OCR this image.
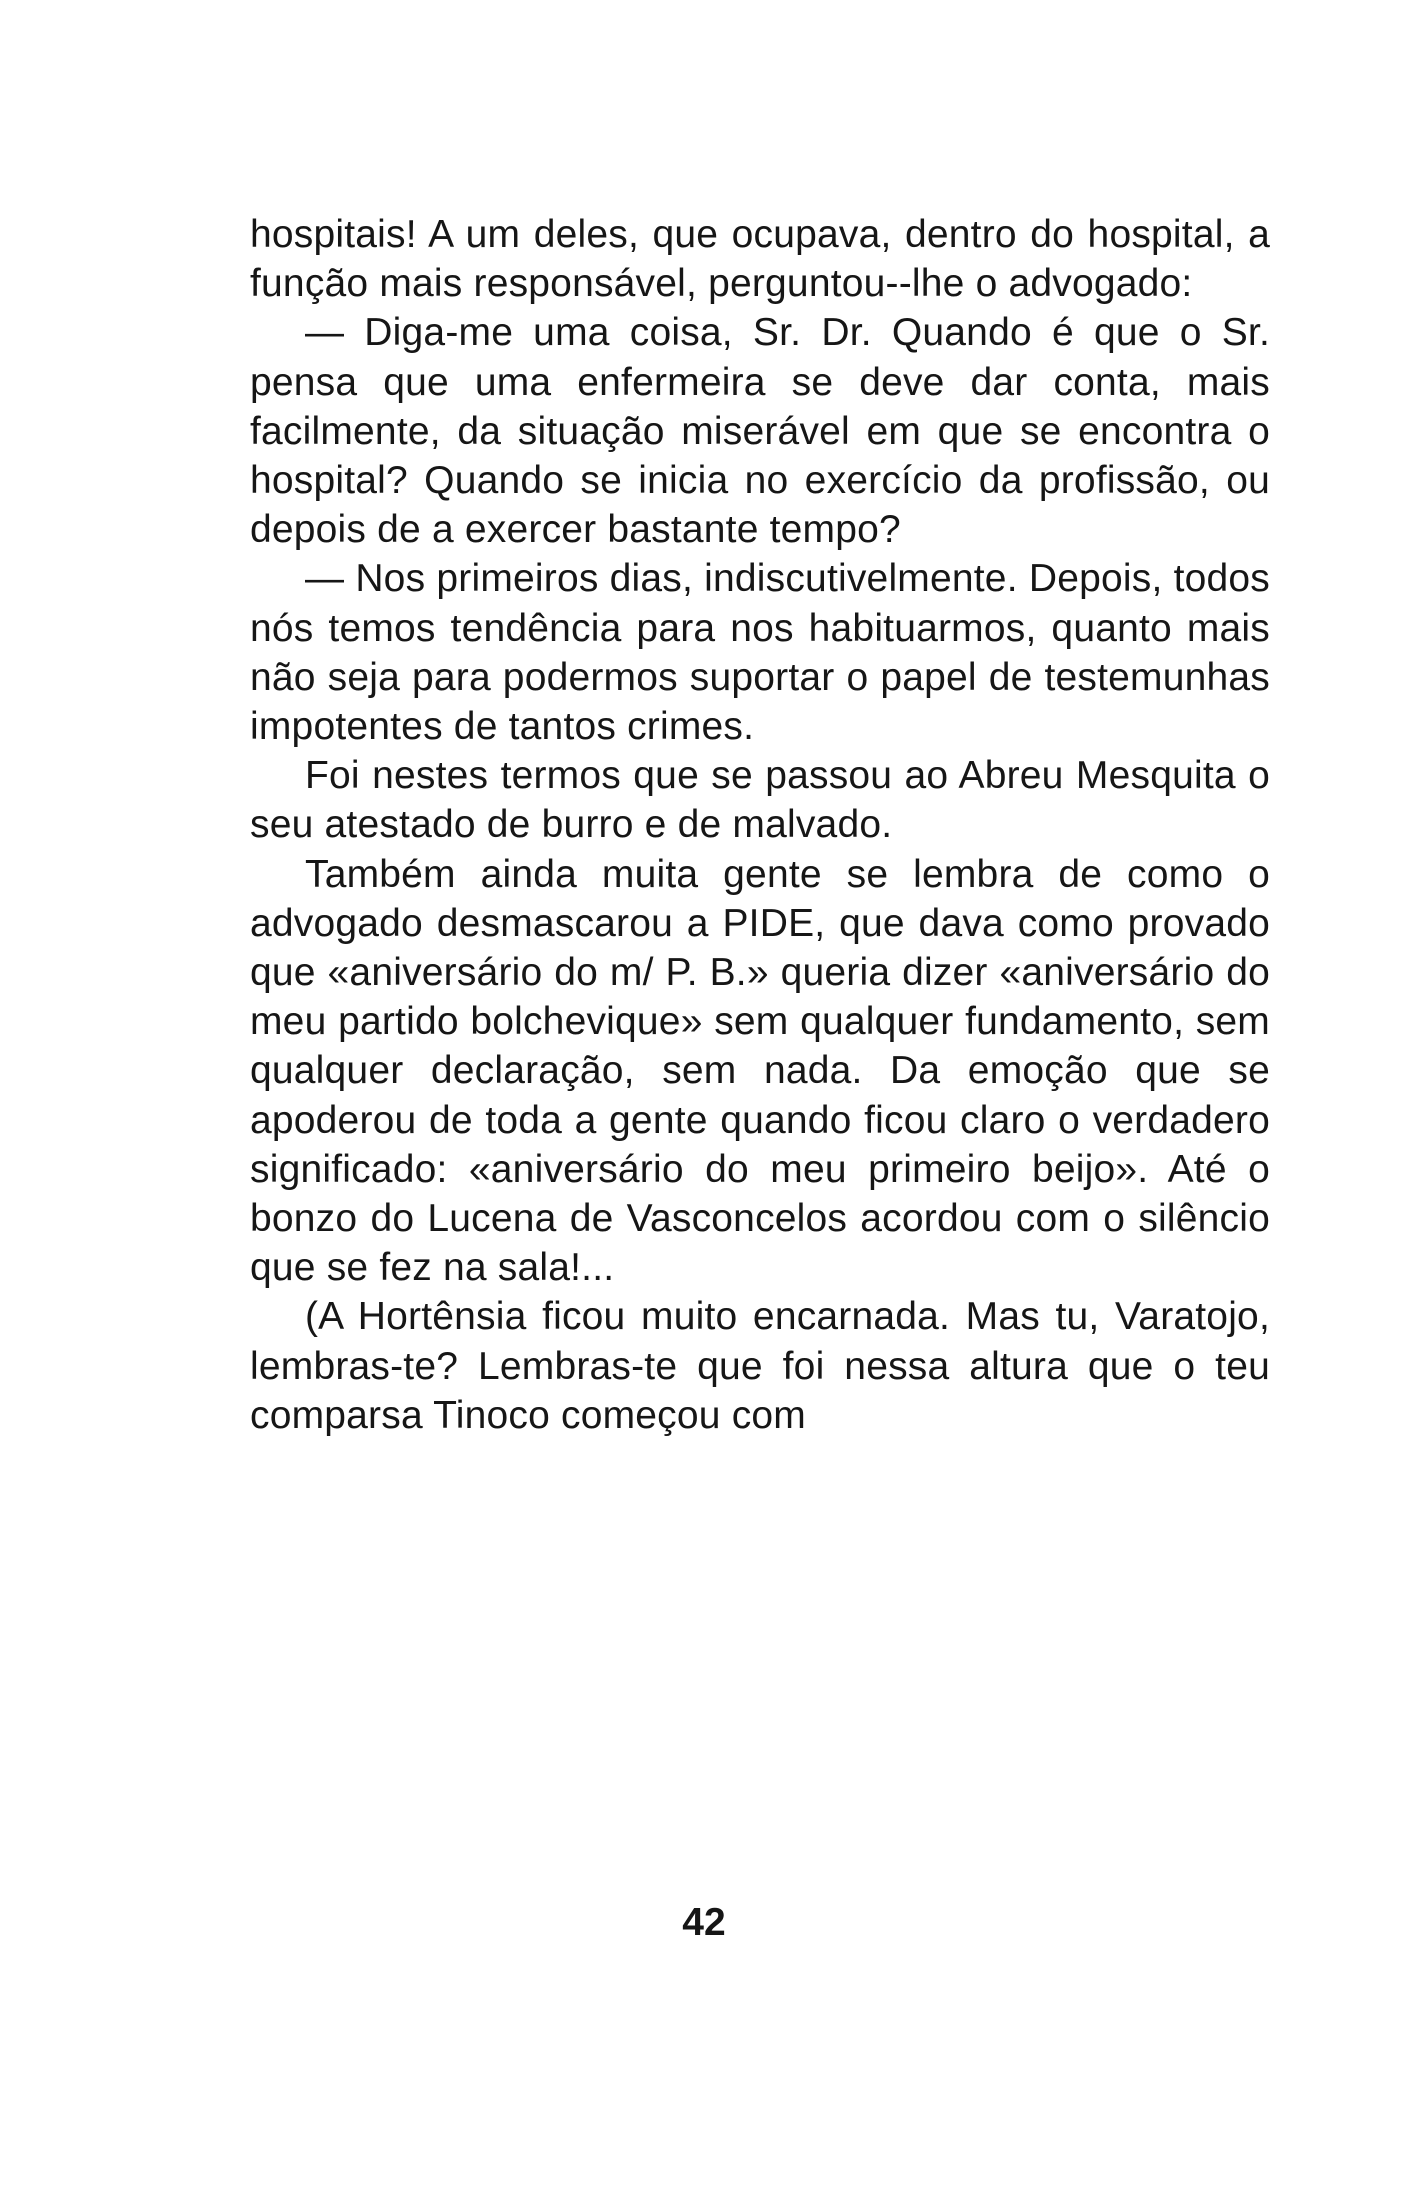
hospitais! A um deles, que ocupava, dentro do hospital, a função mais responsável, perguntou-‑lhe o advogado:

— Diga-me uma coisa, Sr. Dr. Quando é que o Sr. pensa que uma enfermeira se deve dar conta, mais facilmente, da situação miserável em que se encontra o hospital? Quando se inicia no exercício da profissão, ou depois de a exercer bastante tempo?

— Nos primeiros dias, indiscutivelmente. Depois, todos nós temos tendência para nos habituarmos, quanto mais não seja para podermos suportar o papel de testemunhas impotentes de tantos crimes.

Foi nestes termos que se passou ao Abreu Mesquita o seu atestado de burro e de malvado.

Também ainda muita gente se lembra de como o advogado desmascarou a PIDE, que dava como provado que «aniversário do m/ P. B.» queria dizer «aniversário do meu partido bolchevique» sem qualquer fundamento, sem qualquer declaração, sem nada. Da emoção que se apoderou de toda a gente quando ficou claro o verdadero significado: «aniversário do meu primeiro beijo». Até o bonzo do Lucena de Vasconcelos acordou com o silêncio que se fez na sala!...

(A Hortênsia ficou muito encarnada. Mas tu, Varatojo, lembras-te? Lembras-te que foi nessa altura que o teu comparsa Tinoco começou com

42
